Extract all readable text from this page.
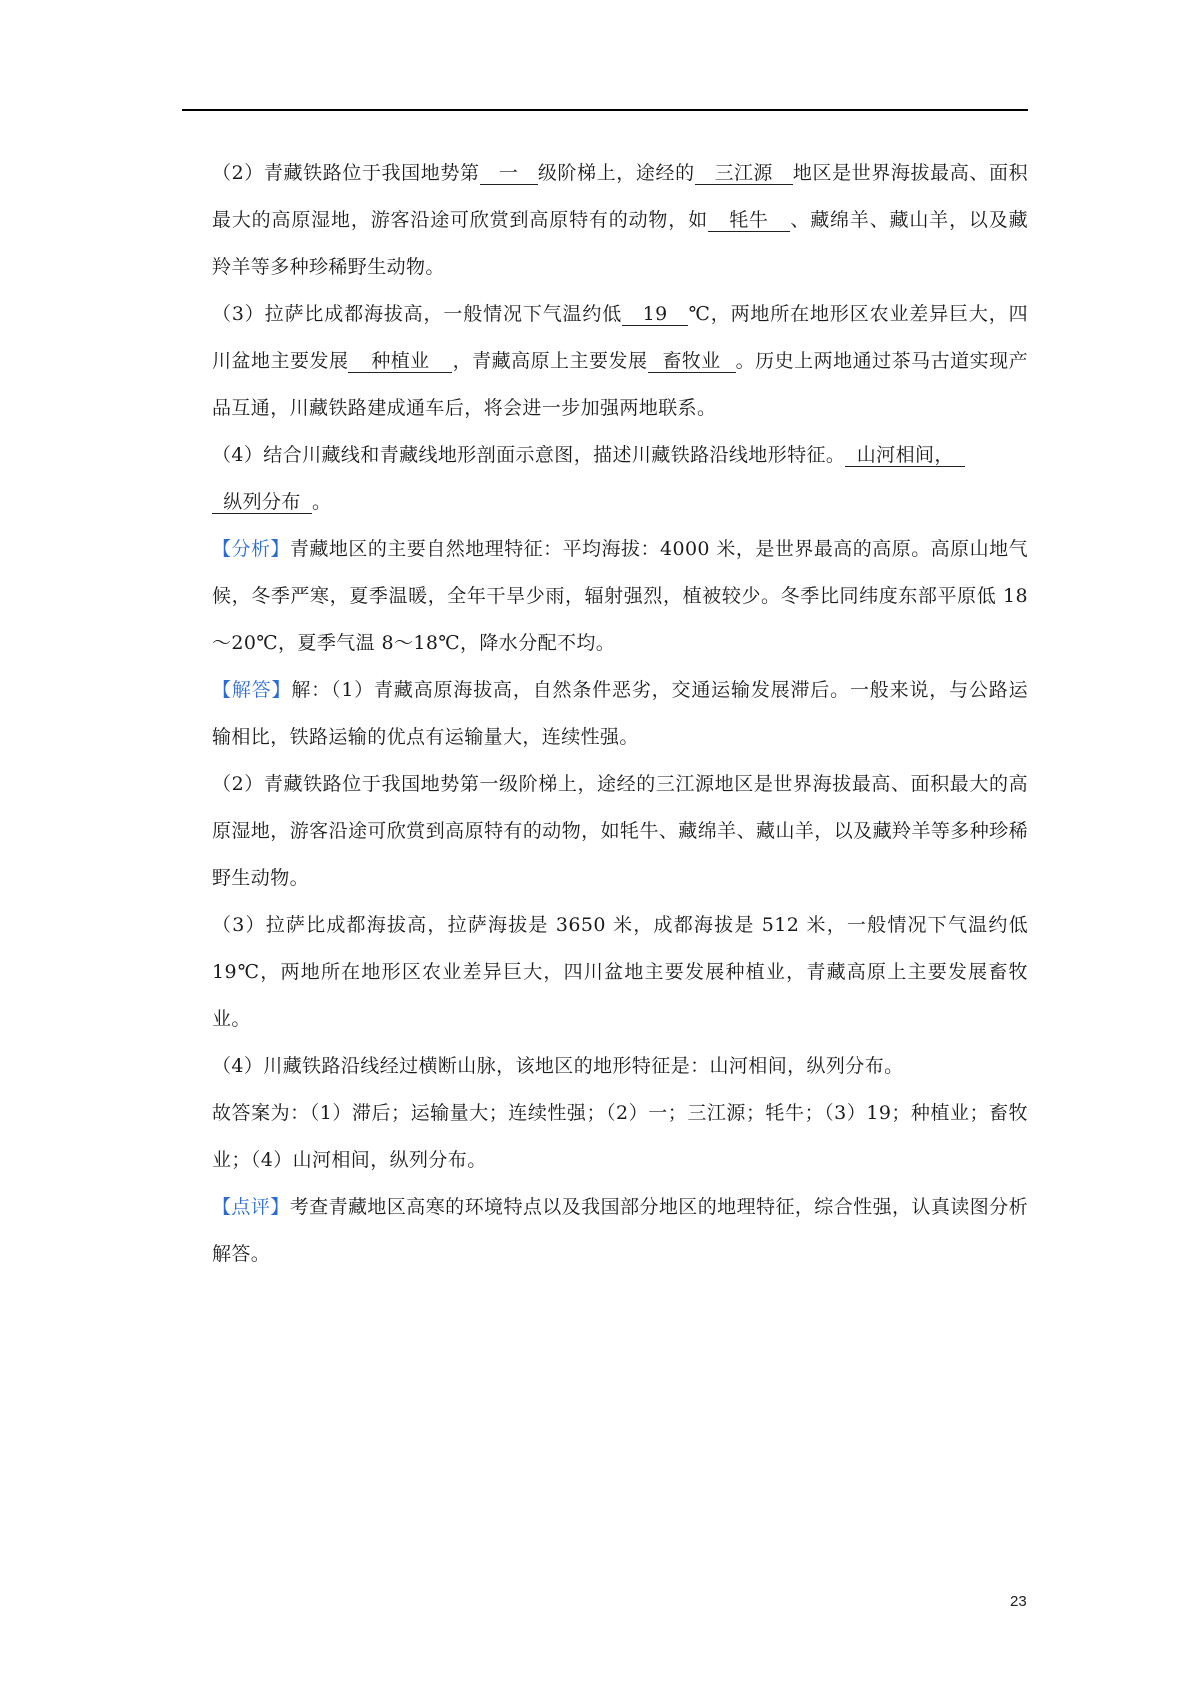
（2）青藏铁路位于我国地势第 一 级阶梯上，途经的 三江源 地区是世界海拔最高、面积最大的高原湿地，游客沿途可欣赏到高原特有的动物，如 牦牛 、藏绵羊、藏山羊，以及藏羚羊等多种珍稀野生动物。

（3）拉萨比成都海拔高，一般情况下气温约低 19 ℃，两地所在地形区农业差异巨大，四川盆地主要发展 种植业 ，青藏高原上主要发展 畜牧业 。历史上两地通过茶马古道实现产品互通，川藏铁路建成通车后，将会进一步加强两地联系。

（4）结合川藏线和青藏线地形剖面示意图，描述川藏铁路沿线地形特征。 山河相间，
纵列分布 。

【分析】青藏地区的主要自然地理特征：平均海拔：4000 米，是世界最高的高原。高原山地气候，冬季严寒，夏季温暖，全年干旱少雨，辐射强烈，植被较少。冬季比同纬度东部平原低 18～20℃，夏季气温 8～18℃，降水分配不均。

【解答】解：（1）青藏高原海拔高，自然条件恶劣，交通运输发展滞后。一般来说，与公路运输相比，铁路运输的优点有运输量大，连续性强。

（2）青藏铁路位于我国地势第一级阶梯上，途经的三江源地区是世界海拔最高、面积最大的高原湿地，游客沿途可欣赏到高原特有的动物，如牦牛、藏绵羊、藏山羊，以及藏羚羊等多种珍稀野生动物。

（3）拉萨比成都海拔高，拉萨海拔是 3650 米，成都海拔是 512 米，一般情况下气温约低 19℃，两地所在地形区农业差异巨大，四川盆地主要发展种植业，青藏高原上主要发展畜牧业。

（4）川藏铁路沿线经过横断山脉，该地区的地形特征是：山河相间，纵列分布。

故答案为：（1）滞后；运输量大；连续性强；（2）一；三江源；牦牛；（3）19；种植业；畜牧业；（4）山河相间，纵列分布。

【点评】考查青藏地区高寒的环境特点以及我国部分地区的地理特征，综合性强，认真读图分析解答。

23
